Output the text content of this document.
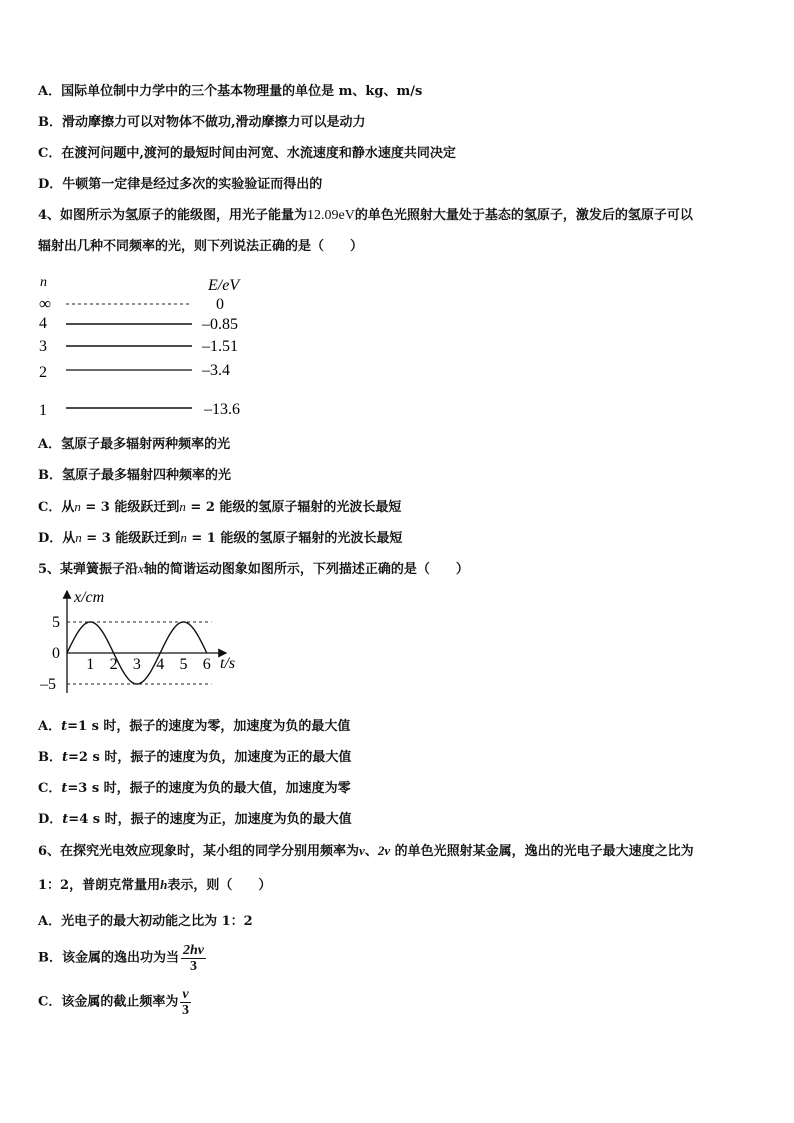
A．国际单位制中力学中的三个基本物理量的单位是 m、kg、m/s
B．滑动摩擦力可以对物体不做功,滑动摩擦力可以是动力
C．在渡河问题中,渡河的最短时间由河宽、水流速度和静水速度共同决定
D．牛顿第一定律是经过多次的实验验证而得出的
4、如图所示为氢原子的能级图，用光子能量为12.09eV的单色光照射大量处于基态的氢原子，激发后的氢原子可以
辐射出几种不同频率的光，则下列说法正确的是（　　）
n	E/eV
∞	0
4	–0.85
3	–1.51
2	–3.4
1	–13.6
A．氢原子最多辐射两种频率的光
B．氢原子最多辐射四种频率的光
C．从n = 3 能级跃迁到n = 2 能级的氢原子辐射的光波长最短
D．从n = 3 能级跃迁到n = 1 能级的氢原子辐射的光波长最短
5、某弹簧振子沿x轴的简谐运动图象如图所示，下列描述正确的是（　　）
x/cm
t/s
5
0
–5
1 2 3 4 5 6
A．t=1 s 时，振子的速度为零，加速度为负的最大值
B．t=2 s 时，振子的速度为负，加速度为正的最大值
C．t=3 s 时，振子的速度为负的最大值，加速度为零
D．t=4 s 时，振子的速度为正，加速度为负的最大值
6、在探究光电效应现象时，某小组的同学分别用频率为ν、2ν 的单色光照射某金属，逸出的光电子最大速度之比为
1：2，普朗克常量用h表示，则（　　）
A．光电子的最大初动能之比为 1：2
B．该金属的逸出功为当 $\frac{2h\nu}{3}$
C．该金属的截止频率为 $\frac{\nu}{3}$
